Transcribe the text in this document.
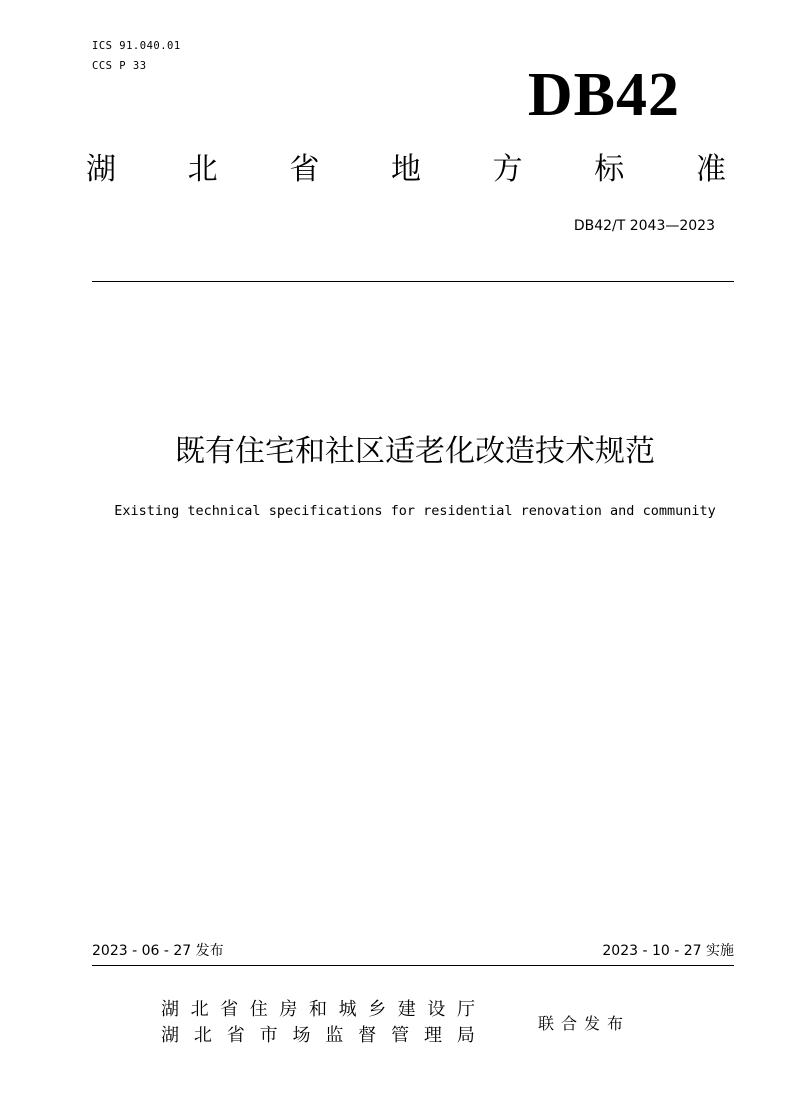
ICS 91.040.01
CCS P 33	DB42
湖 北 省 地 方 标 准
DB42/T 2043—2023
既有住宅和社区适老化改造技术规范
Existing technical specifications for residential renovation and community
2023 - 06 - 27 发布	2023 - 10 - 27 实施
湖 北 省 住 房 和 城 乡 建 设 厅
湖 北 省 市 场 监 督 管 理 局
联合发布
